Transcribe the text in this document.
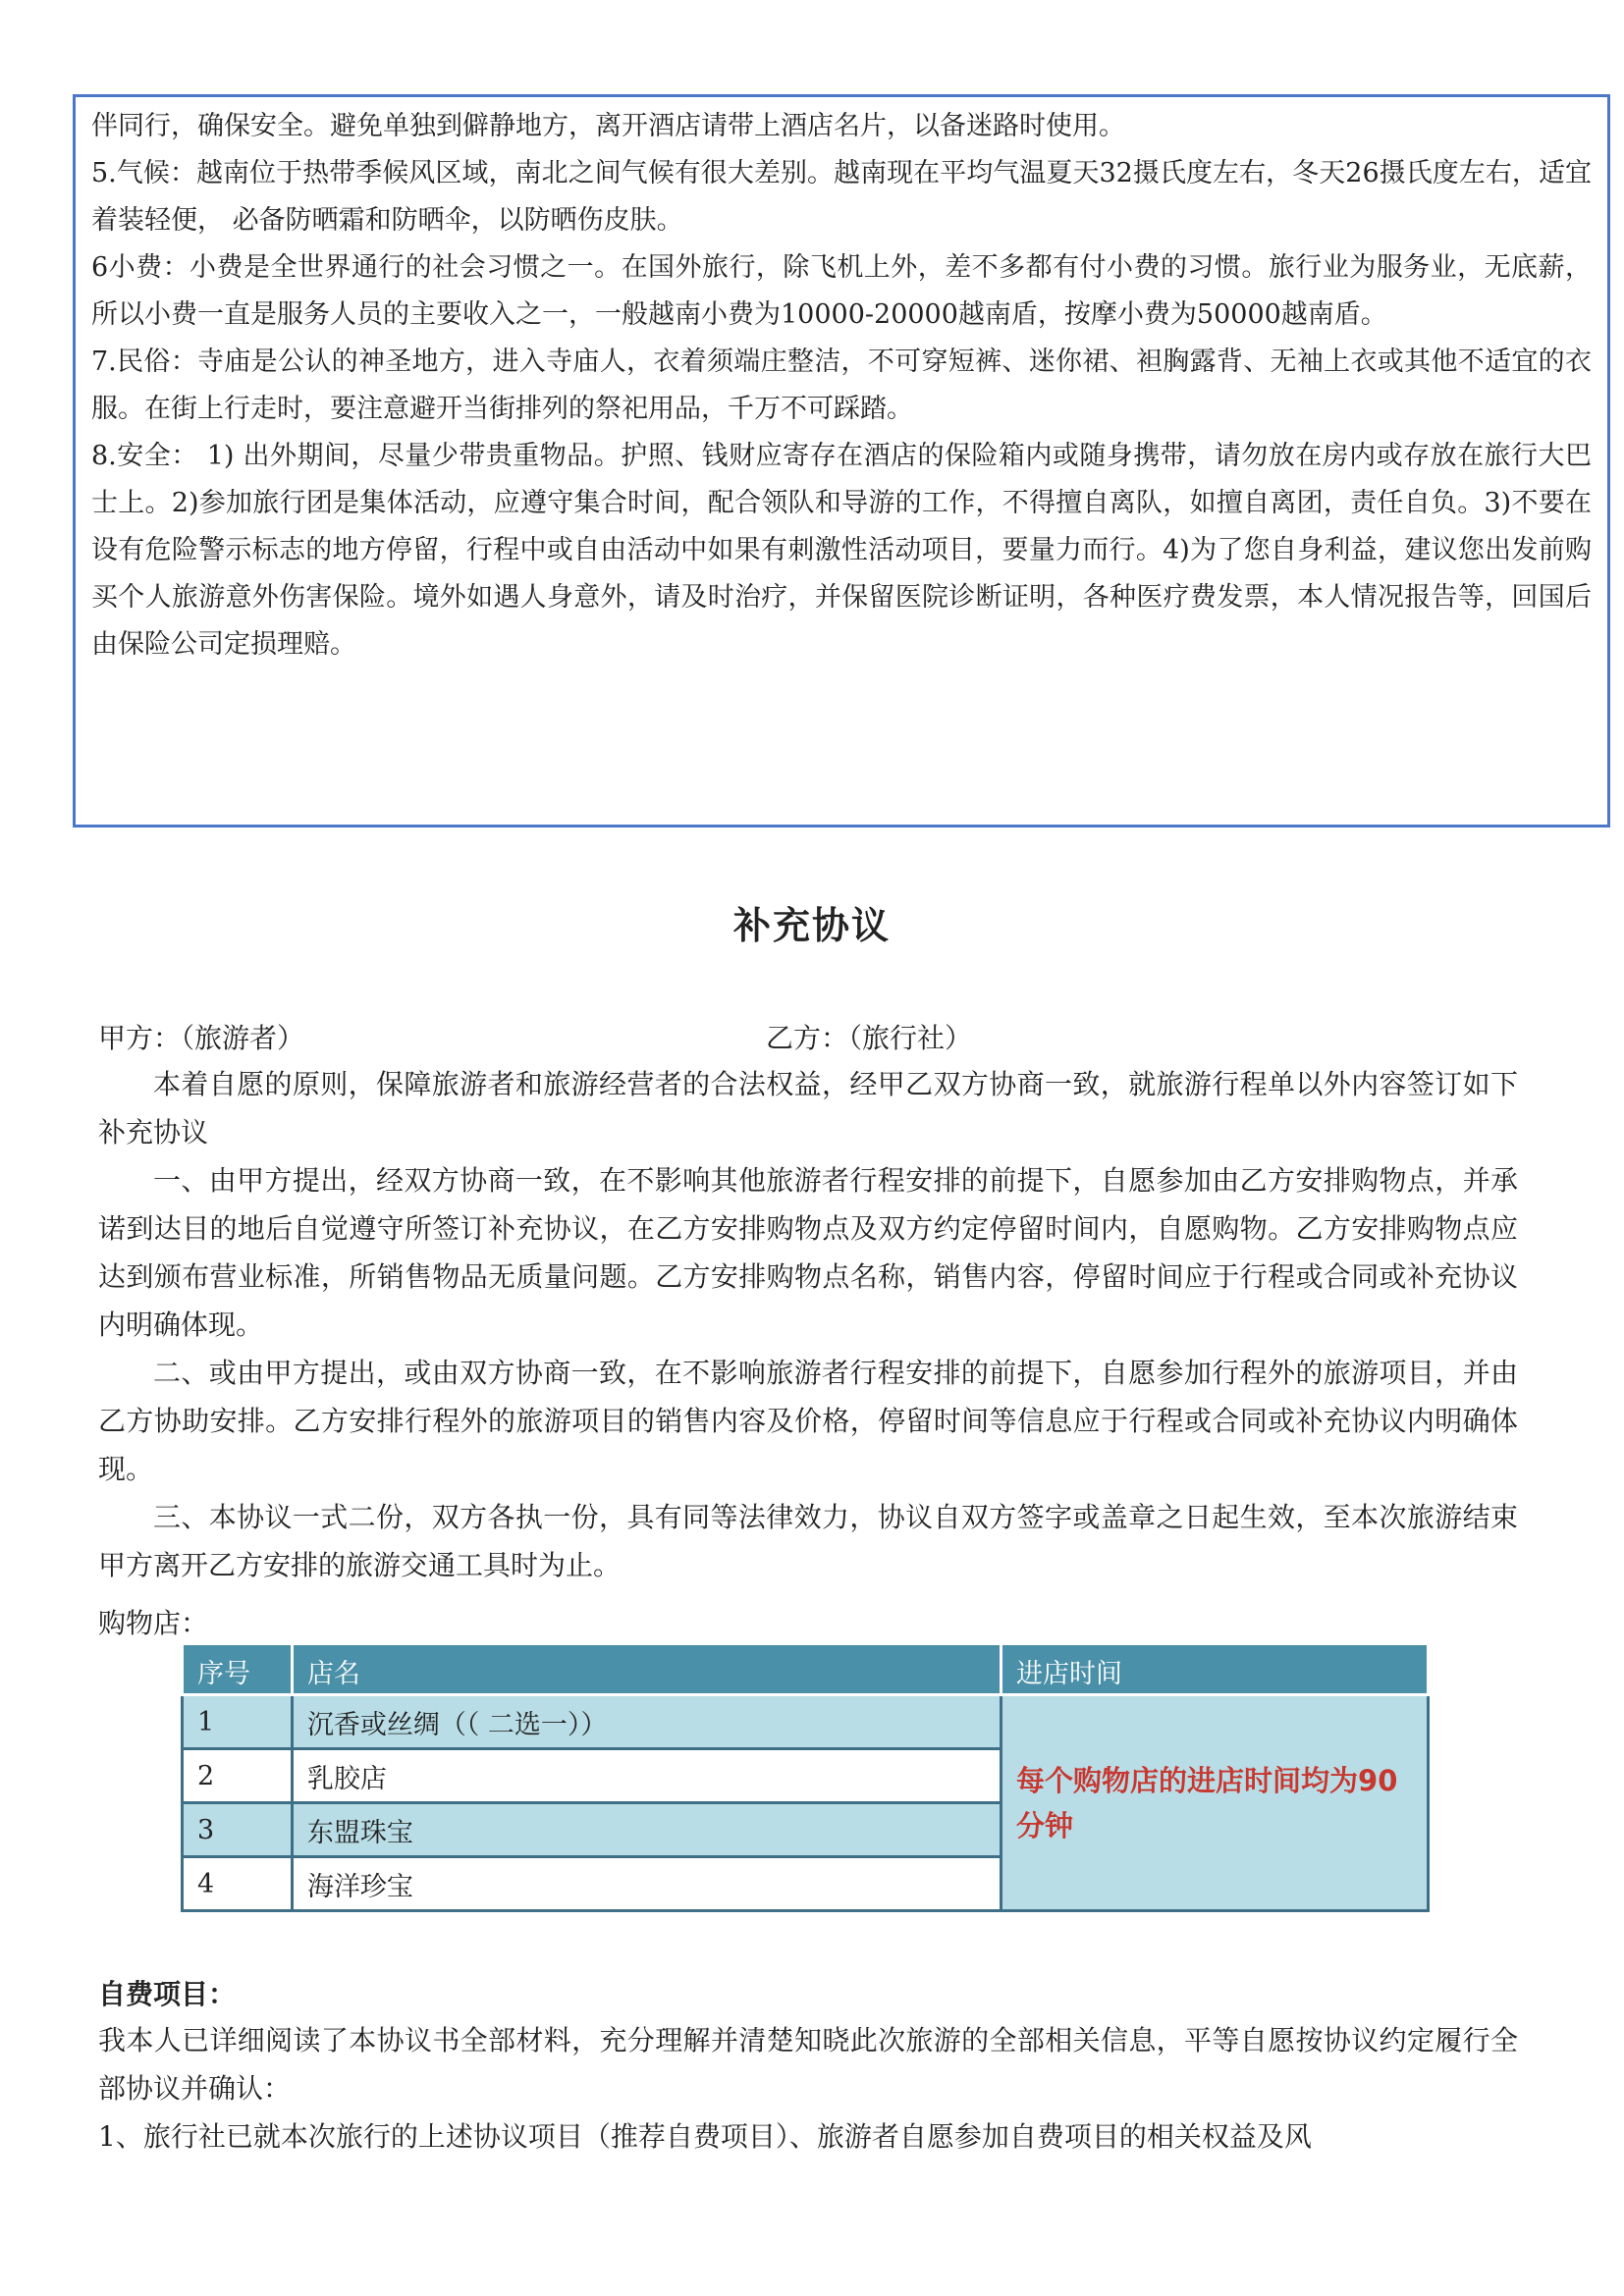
伴同行，确保安全。避免单独到僻静地方，离开酒店请带上酒店名片，以备迷路时使用。

5.气候：越南位于热带季候风区域，南北之间气候有很大差别。越南现在平均气温夏天32摄氏度左右，冬天26摄氏度左右，适宜着装轻便， 必备防晒霜和防晒伞，以防晒伤皮肤。

6小费：小费是全世界通行的社会习惯之一。在国外旅行，除飞机上外，差不多都有付小费的习惯。旅行业为服务业，无底薪，所以小费一直是服务人员的主要收入之一，一般越南小费为10000-20000越南盾，按摩小费为50000越南盾。

7.民俗：寺庙是公认的神圣地方，进入寺庙人，衣着须端庄整洁，不可穿短裤、迷你裙、袒胸露背、无袖上衣或其他不适宜的衣服。在街上行走时，要注意避开当街排列的祭祀用品，千万不可踩踏。

8.安全： 1) 出外期间，尽量少带贵重物品。护照、钱财应寄存在酒店的保险箱内或随身携带，请勿放在房内或存放在旅行大巴士上。2)参加旅行团是集体活动，应遵守集合时间，配合领队和导游的工作，不得擅自离队，如擅自离团，责任自负。3)不要在设有危险警示标志的地方停留，行程中或自由活动中如果有刺激性活动项目，要量力而行。4)为了您自身利益，建议您出发前购买个人旅游意外伤害保险。境外如遇人身意外，请及时治疗，并保留医院诊断证明，各种医疗费发票，本人情况报告等，回国后由保险公司定损理赔。

补充协议
甲方：（旅游者）	乙方：（旅行社）

本着自愿的原则，保障旅游者和旅游经营者的合法权益，经甲乙双方协商一致，就旅游行程单以外内容签订如下补充协议

一、由甲方提出，经双方协商一致，在不影响其他旅游者行程安排的前提下，自愿参加由乙方安排购物点，并承诺到达目的地后自觉遵守所签订补充协议，在乙方安排购物点及双方约定停留时间内，自愿购物。乙方安排购物点应达到颁布营业标准，所销售物品无质量问题。乙方安排购物点名称，销售内容，停留时间应于行程或合同或补充协议内明确体现。

二、或由甲方提出，或由双方协商一致，在不影响旅游者行程安排的前提下，自愿参加行程外的旅游项目，并由乙方协助安排。乙方安排行程外的旅游项目的销售内容及价格，停留时间等信息应于行程或合同或补充协议内明确体现。

三、本协议一式二份，双方各执一份，具有同等法律效力，协议自双方签字或盖章之日起生效，至本次旅游结束甲方离开乙方安排的旅游交通工具时为止。

购物店：
序号	店名	进店时间
1	沉香或丝绸（（ 二选一））	每个购物店的进店时间均为90分钟
2	乳胶店	
3	东盟珠宝	
4	海洋珍宝	
自费项目：

我本人已详细阅读了本协议书全部材料，充分理解并清楚知晓此次旅游的全部相关信息，平等自愿按协议约定履行全部协议并确认：

1、旅行社已就本次旅行的上述协议项目（推荐自费项目）、旅游者自愿参加自费项目的相关权益及风
